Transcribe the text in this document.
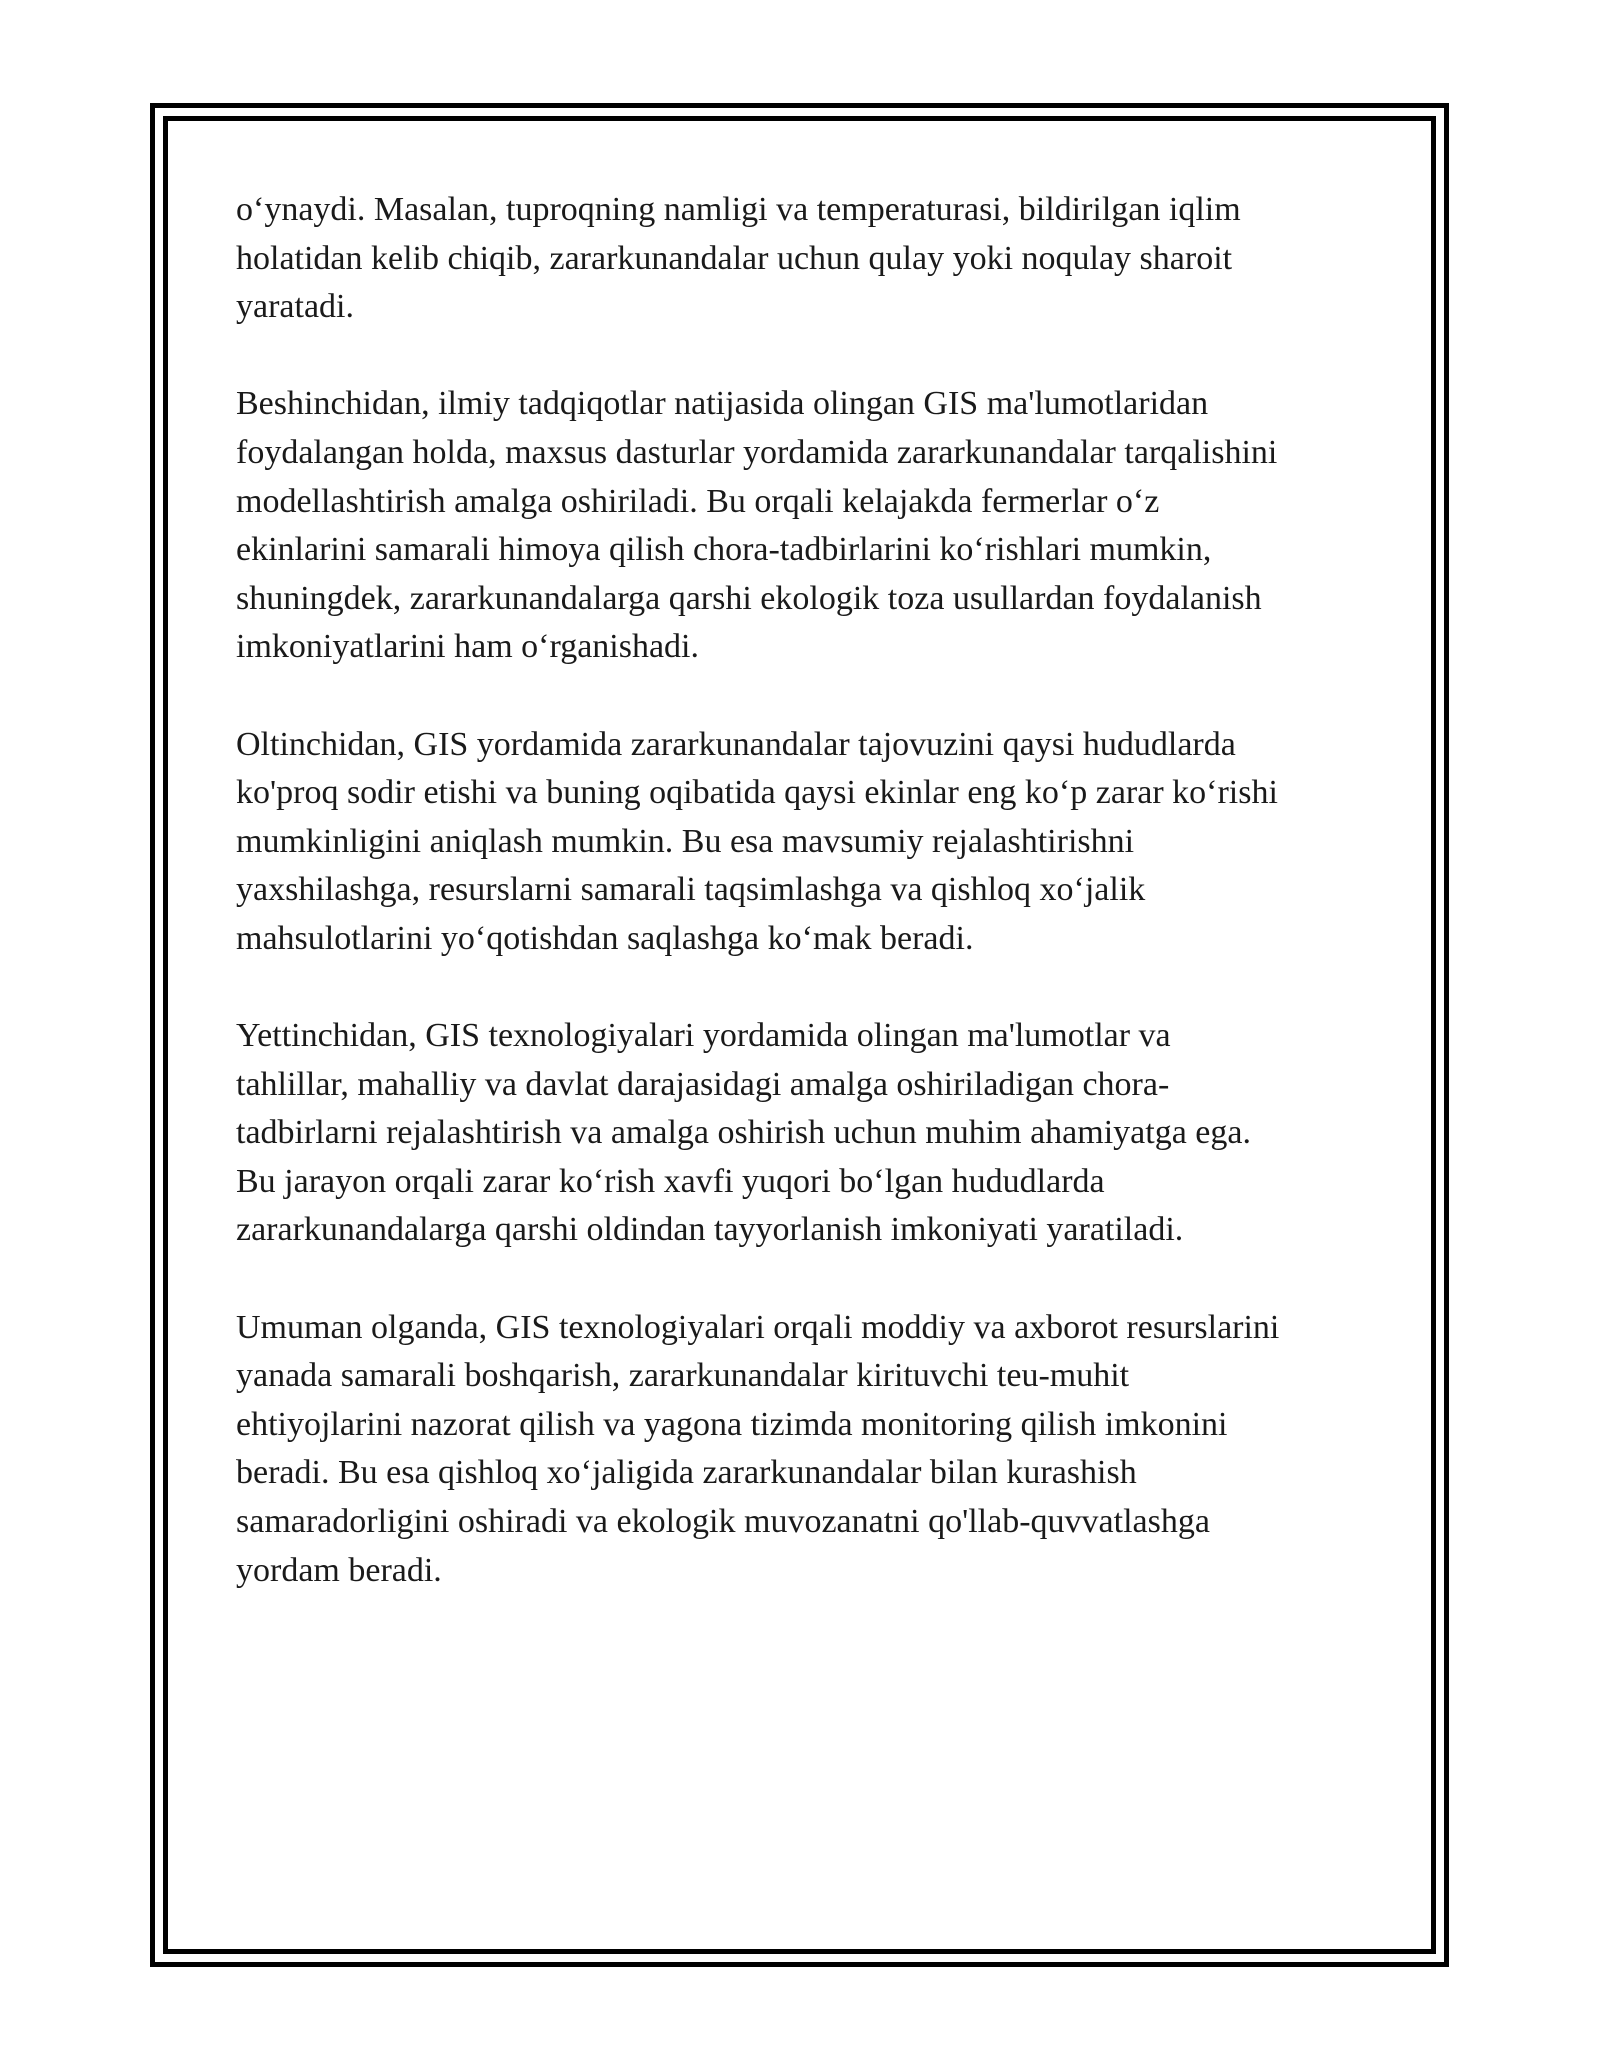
o‘ynaydi. Masalan, tuproqning namligi va temperaturasi, bildirilgan iqlim
holatidan kelib chiqib, zararkunandalar uchun qulay yoki noqulay sharoit
yaratadi.

Beshinchidan, ilmiy tadqiqotlar natijasida olingan GIS ma'lumotlaridan
foydalangan holda, maxsus dasturlar yordamida zararkunandalar tarqalishini
modellashtirish amalga oshiriladi. Bu orqali kelajakda fermerlar o‘z
ekinlarini samarali himoya qilish chora-tadbirlarini ko‘rishlari mumkin,
shuningdek, zararkunandalarga qarshi ekologik toza usullardan foydalanish
imkoniyatlarini ham o‘rganishadi.

Oltinchidan, GIS yordamida zararkunandalar tajovuzini qaysi hududlarda
ko'proq sodir etishi va buning oqibatida qaysi ekinlar eng ko‘p zarar ko‘rishi
mumkinligini aniqlash mumkin. Bu esa mavsumiy rejalashtirishni
yaxshilashga, resurslarni samarali taqsimlashga va qishloq xo‘jalik
mahsulotlarini yo‘qotishdan saqlashga ko‘mak beradi.

Yettinchidan, GIS texnologiyalari yordamida olingan ma'lumotlar va
tahlillar, mahalliy va davlat darajasidagi amalga oshiriladigan chora-
tadbirlarni rejalashtirish va amalga oshirish uchun muhim ahamiyatga ega.
Bu jarayon orqali zarar ko‘rish xavfi yuqori bo‘lgan hududlarda
zararkunandalarga qarshi oldindan tayyorlanish imkoniyati yaratiladi.

Umuman olganda, GIS texnologiyalari orqali moddiy va axborot resurslarini
yanada samarali boshqarish, zararkunandalar kirituvchi teu-muhit
ehtiyojlarini nazorat qilish va yagona tizimda monitoring qilish imkonini
beradi. Bu esa qishloq xo‘jaligida zararkunandalar bilan kurashish
samaradorligini oshiradi va ekologik muvozanatni qo'llab-quvvatlashga
yordam beradi.
